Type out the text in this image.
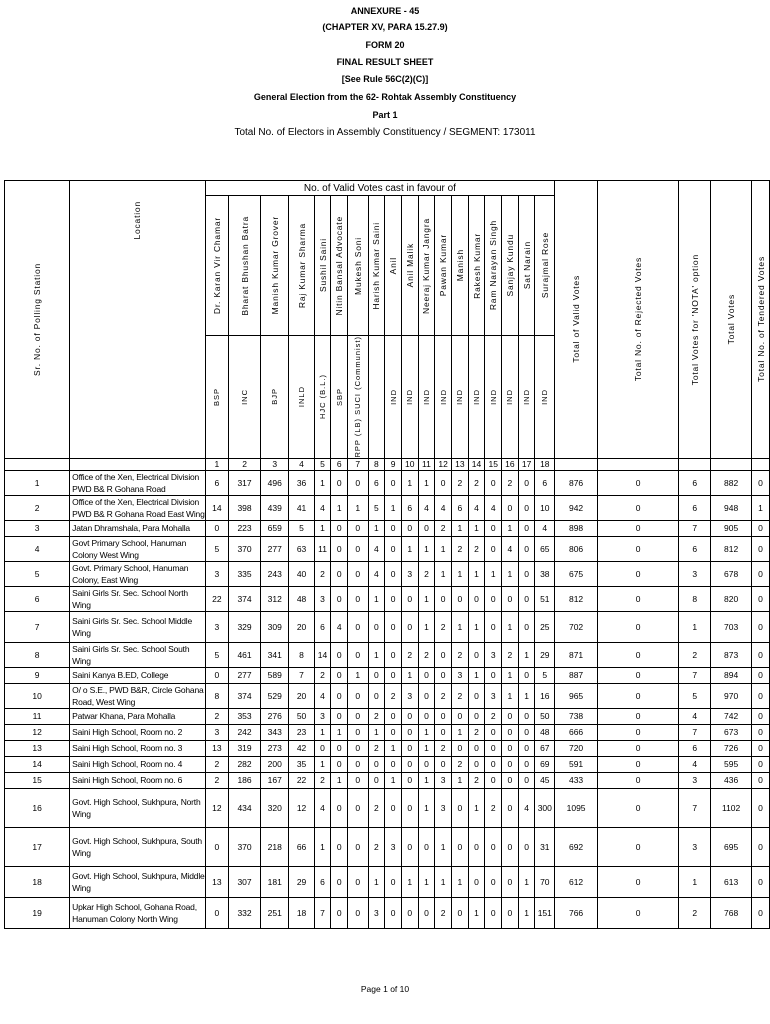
ANNEXURE - 45
(CHAPTER XV, PARA 15.27.9)
FORM 20
FINAL RESULT SHEET
[See Rule 56C(2)(C)]
General Election from the 62- Rohtak Assembly Constituency
Part 1
Total No. of Electors in Assembly Constituency / SEGMENT: 173011
Sr. No. of Polling Station	Location	No. of Valid Votes cast in favour of																		Total of Valid Votes	Total No. of Rejected Votes	Total Votes for 'NOTA' option	Total Votes	Total No. of Tendered Votes

		Dr. Karan Vir Chamar	Bharat Bhushan Batra	Manish Kumar Grover	Raj Kumar Sharma	Sushil Saini	Nitin Bansal Advocate	Mukesh Soni	Harish Kumar Saini	Anil	Anil Malik	Neeraj Kumar Jangra	Pawan Kumar	Manish	Rakesh Kumar	Ram Narayan Singh	Sanjay Kundu	Sat Narain	Surajmal Rose					

		BSP	INC	BJP	INLD	HJC (B.L.)	SBP	RPP (LB) SUCI (Communist)		IND	IND	IND	IND	IND	IND	IND	IND	IND	IND					

		1	2	3	4	5	6	7	8	9	10	11	12	13	14	15	16	17	18					
1	Office of the Xen, Electrical Division PWD B& R Gohana Road	6	317	496	36	1	0	0	6	0	1	1	0	2	2	0	2	0	6	876	0	6	882	0
2	Office of the Xen, Electrical Division PWD B& R Gohana Road East Wing	14	398	439	41	4	1	1	5	1	6	4	4	6	4	4	0	0	10	942	0	6	948	1
3	Jatan Dhramshala, Para Mohalla	0	223	659	5	1	0	0	1	0	0	0	2	1	1	0	1	0	4	898	0	7	905	0
4	Govt Primary School, Hanuman Colony West Wing	5	370	277	63	11	0	0	4	0	1	1	1	2	2	0	4	0	65	806	0	6	812	0
5	Govt. Primary School, Hanuman Colony, East Wing	3	335	243	40	2	0	0	4	0	3	2	1	1	1	1	1	0	38	675	0	3	678	0
6	Saini Girls Sr. Sec. School North Wing	22	374	312	48	3	0	0	1	0	0	1	0	0	0	0	0	0	51	812	0	8	820	0
7	Saini Girls Sr. Sec. School Middle Wing	3	329	309	20	6	4	0	0	0	0	1	2	1	1	0	1	0	25	702	0	1	703	0
8	Saini Girls Sr. Sec. School South Wing	5	461	341	8	14	0	0	1	0	2	2	0	2	0	3	2	1	29	871	0	2	873	0
9	Saini Kanya B.ED, College	0	277	589	7	2	0	1	0	0	1	0	0	3	1	0	1	0	5	887	0	7	894	0
10	O/ o S.E., PWD B&R, Circle Gohana Road, West Wing	8	374	529	20	4	0	0	0	2	3	0	2	2	0	3	1	1	16	965	0	5	970	0
11	Patwar Khana, Para Mohalla	2	353	276	50	3	0	0	2	0	0	0	0	0	0	2	0	0	50	738	0	4	742	0
12	Saini High School, Room no. 2	3	242	343	23	1	1	0	1	0	0	1	0	1	2	0	0	0	48	666	0	7	673	0
13	Saini High School, Room no. 3	13	319	273	42	0	0	0	2	1	0	1	2	0	0	0	0	0	67	720	0	6	726	0
14	Saini High School, Room no. 4	2	282	200	35	1	0	0	0	0	0	0	0	2	0	0	0	0	69	591	0	4	595	0
15	Saini High School, Room no. 6	2	186	167	22	2	1	0	0	1	0	1	3	1	2	0	0	0	45	433	0	3	436	0
16	Govt. High School, Sukhpura, North Wing	12	434	320	12	4	0	0	2	0	0	1	3	0	1	2	0	4	300	1095	0	7	1102	0
17	Govt. High School, Sukhpura, South Wing	0	370	218	66	1	0	0	2	3	0	0	1	0	0	0	0	0	31	692	0	3	695	0
18	Govt. High School, Sukhpura, Middle Wing	13	307	181	29	6	0	0	1	0	1	1	1	1	0	0	0	1	70	612	0	1	613	0
19	Upkar High School, Gohana Road, Hanuman Colony North Wing	0	332	251	18	7	0	0	3	0	0	0	2	0	1	0	0	1	151	766	0	2	768	0
Page 1 of 10
